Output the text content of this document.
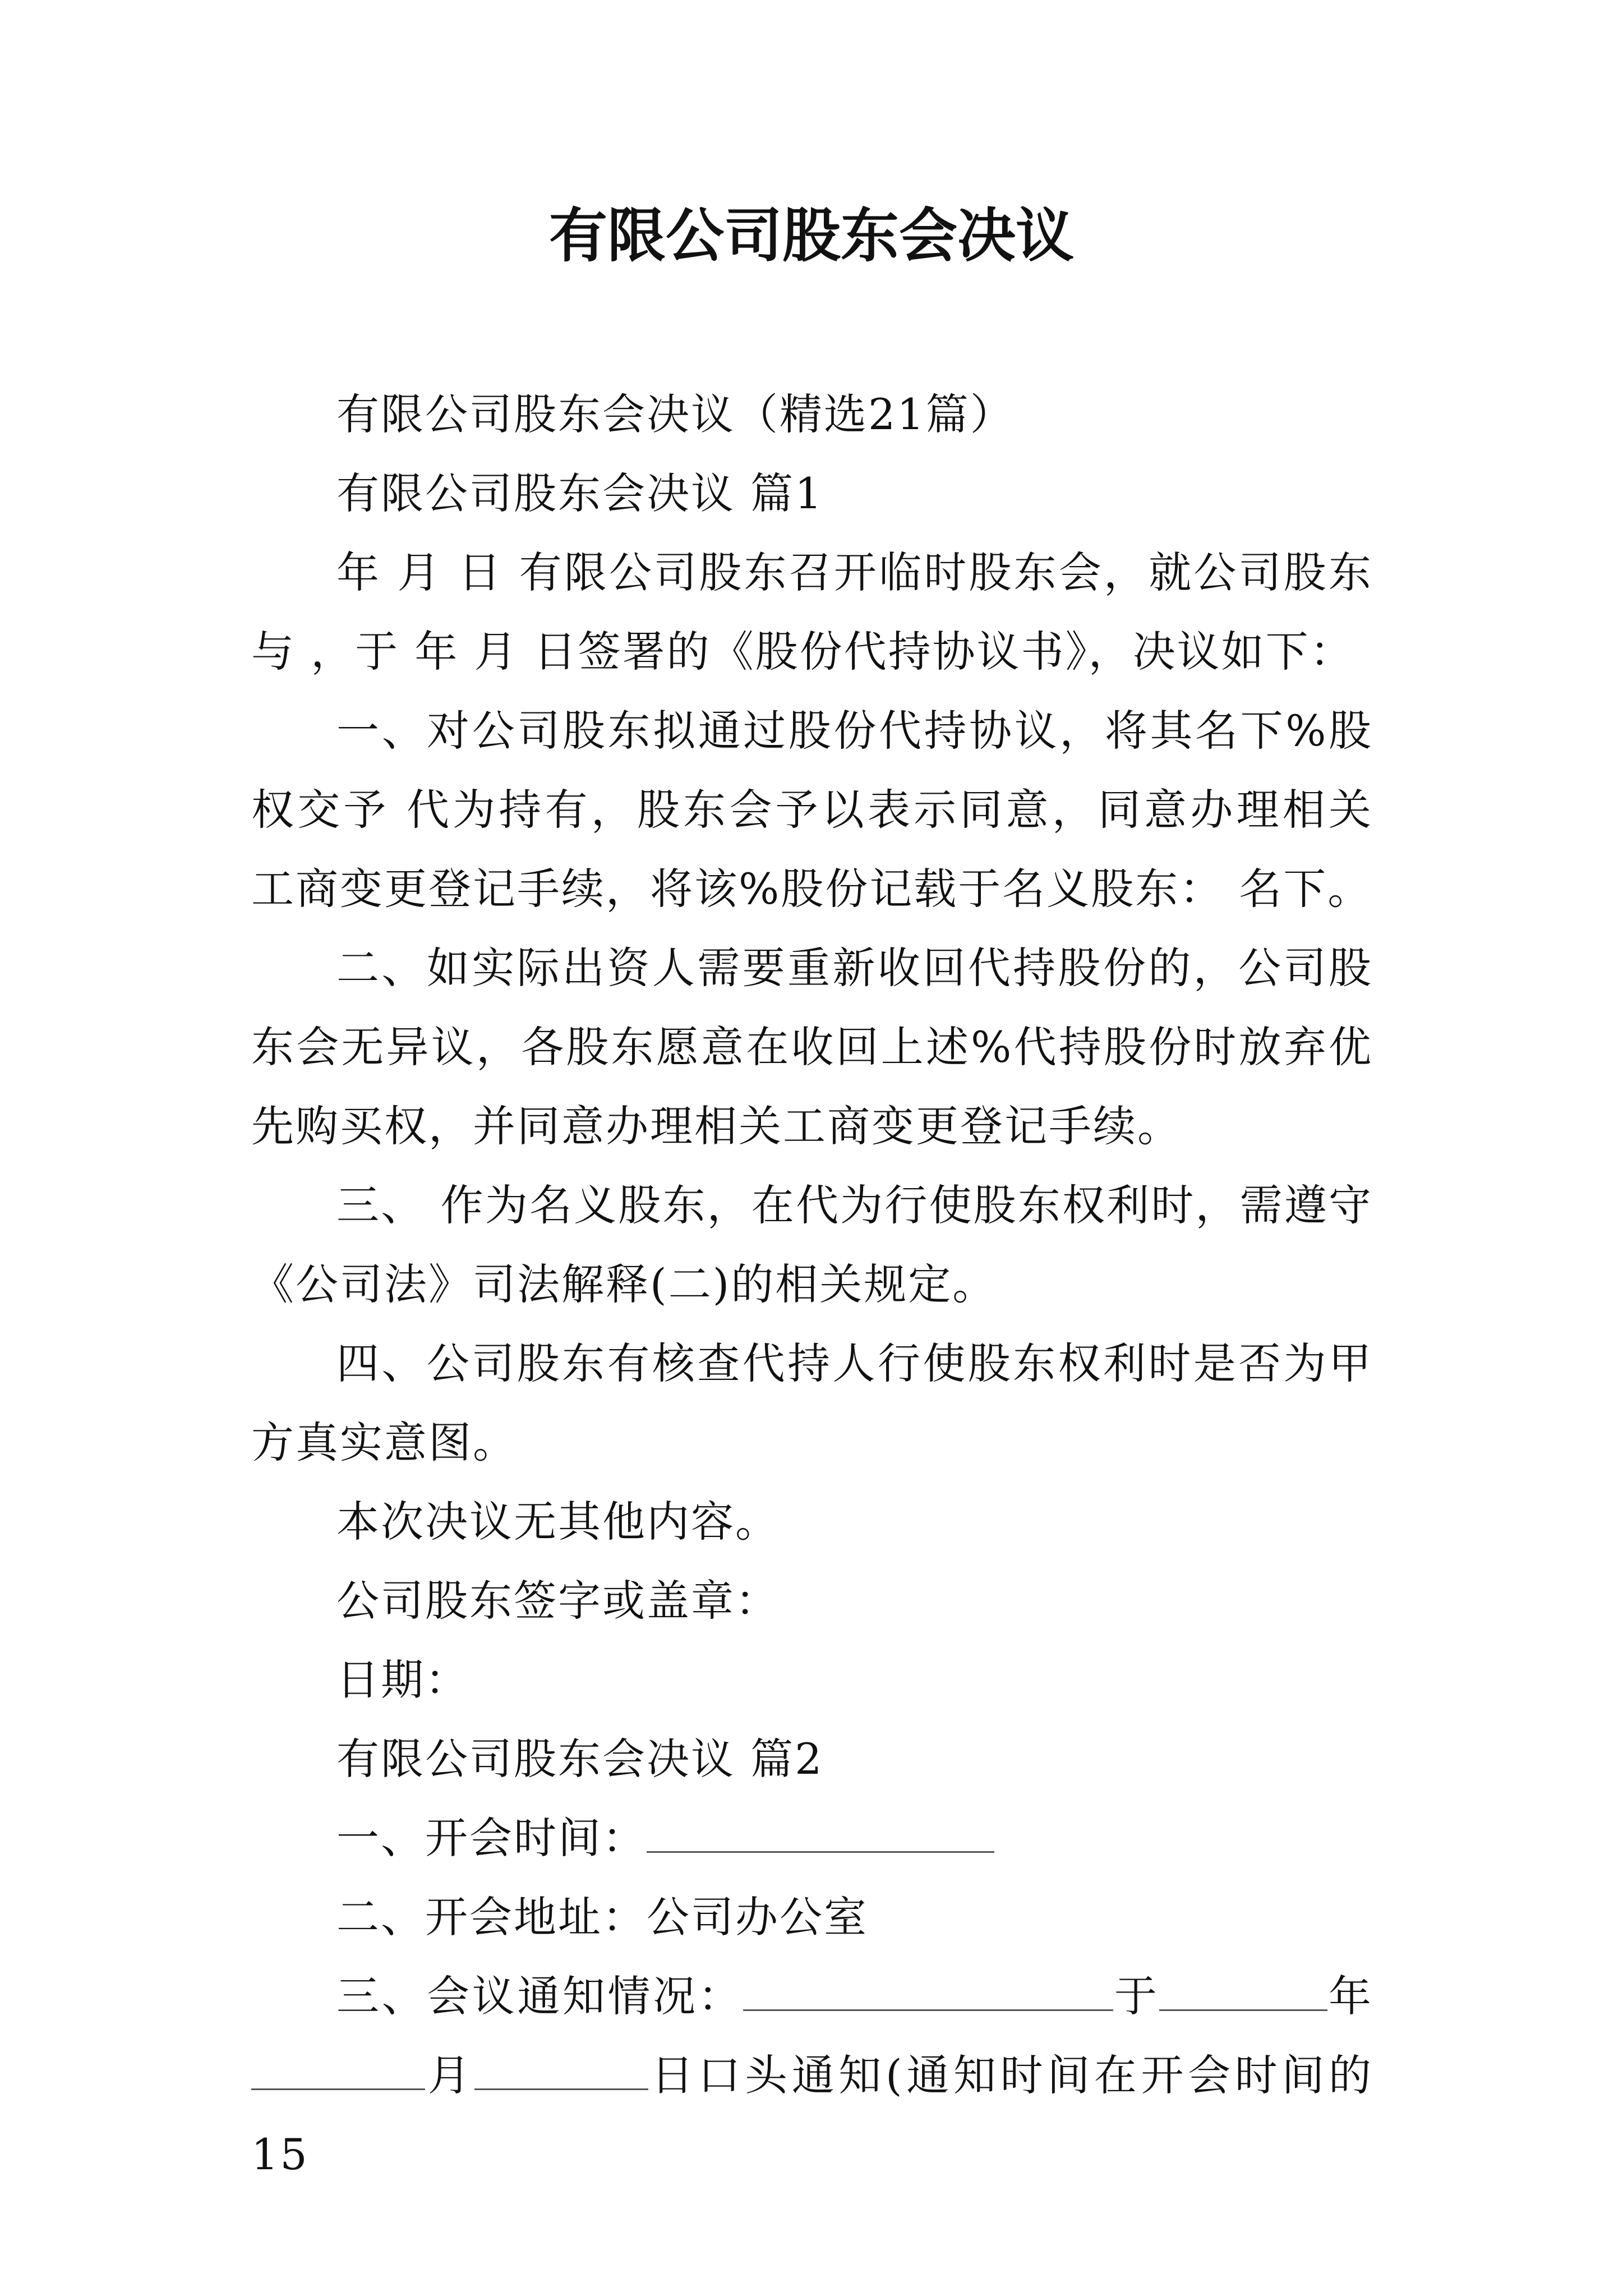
有限公司股东会决议

有限公司股东会决议（精选21篇）

有限公司股东会决议 篇1

年 月 日 有限公司股东召开临时股东会，就公司股东 与 ，于 年 月 日签署的《股份代持协议书》，决议如下：

一、对公司股东拟通过股份代持协议，将其名下%股权交予 代为持有，股东会予以表示同意，同意办理相关工商变更登记手续，将该%股份记载于名义股东： 名下。

二、如实际出资人需要重新收回代持股份的，公司股东会无异议，各股东愿意在收回上述%代持股份时放弃优先购买权，并同意办理相关工商变更登记手续。

三、 作为名义股东，在代为行使股东权利时，需遵守《公司法》司法解释(二)的相关规定。

四、公司股东有核查代持人行使股东权利时是否为甲方真实意图。

本次决议无其他内容。

公司股东签字或盖章：

日期：

有限公司股东会决议 篇2

一、开会时间：

二、开会地址：公司办公室

三、会议通知情况：	于	年月	日口头通知(通知时间在开会时间的15
